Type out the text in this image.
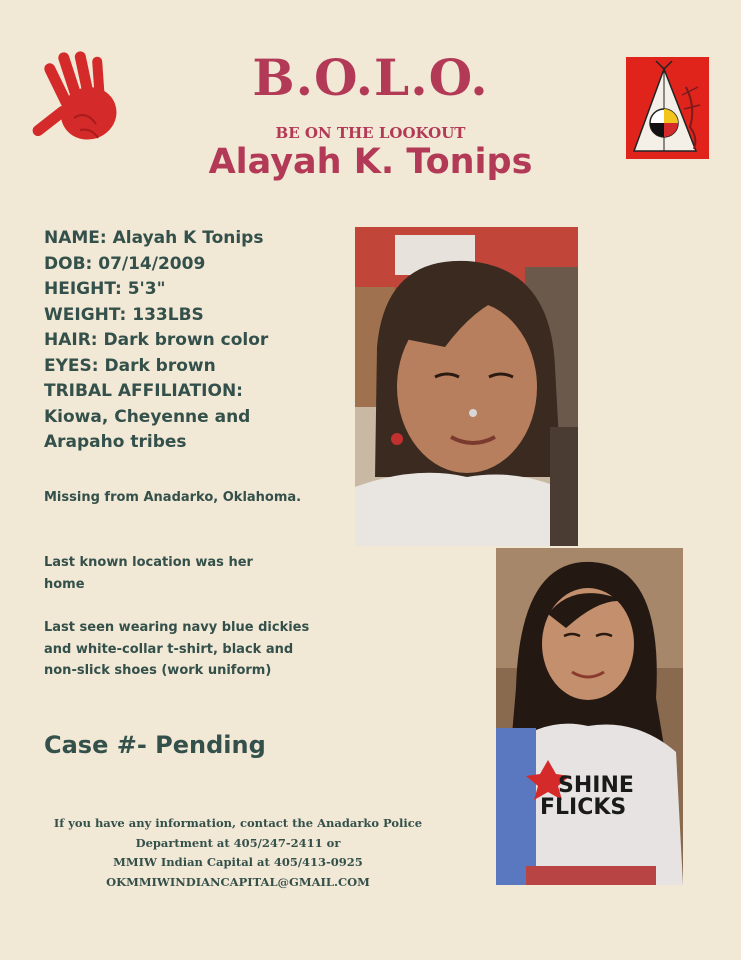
B.O.L.O.
BE ON THE LOOKOUT
Alayah K. Tonips
NAME: Alayah K Tonips
DOB: 07/14/2009
HEIGHT: 5'3"
WEIGHT: 133LBS
HAIR: Dark brown color
EYES: Dark brown
TRIBAL AFFILIATION:
Kiowa, Cheyenne and
Arapaho tribes
Missing from Anadarko, Oklahoma.
Last known location was her home
Last seen wearing navy blue dickies and white-collar t-shirt, black and non-slick shoes (work uniform)
Case #- Pending
If you have any information, contact the Anadarko Police
Department at 405/247-2411 or
MMIW Indian Capital at 405/413-0925
OKMMIWINDIANCAPITAL@GMAIL.COM
SHINE
FLICKS
